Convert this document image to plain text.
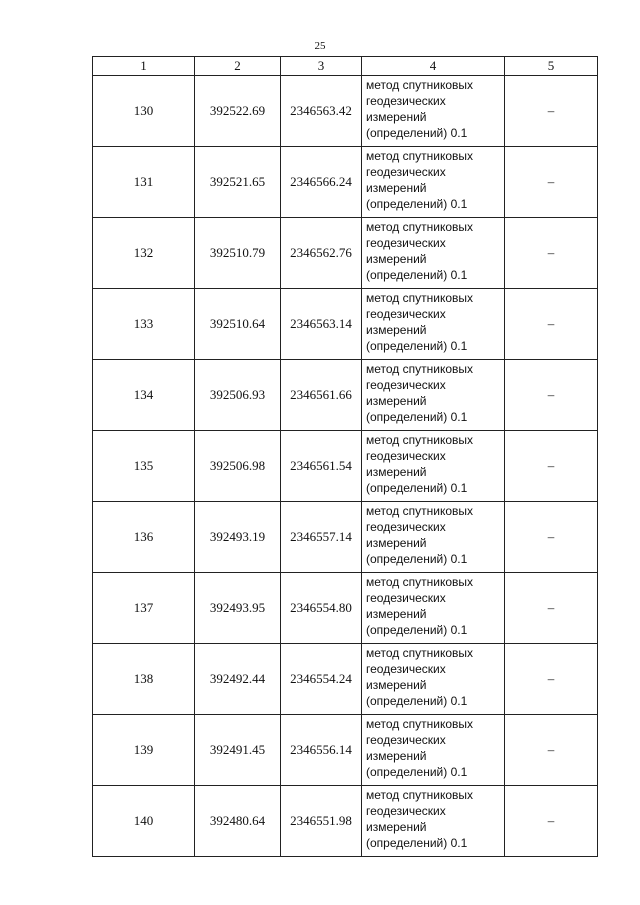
25
1	2	3	4	5
130	392522.69	2346563.42	метод спутниковых
геодезических
измерений
(определений) 0.1	–
131	392521.65	2346566.24	метод спутниковых
геодезических
измерений
(определений) 0.1	–
132	392510.79	2346562.76	метод спутниковых
геодезических
измерений
(определений) 0.1	–
133	392510.64	2346563.14	метод спутниковых
геодезических
измерений
(определений) 0.1	–
134	392506.93	2346561.66	метод спутниковых
геодезических
измерений
(определений) 0.1	–
135	392506.98	2346561.54	метод спутниковых
геодезических
измерений
(определений) 0.1	–
136	392493.19	2346557.14	метод спутниковых
геодезических
измерений
(определений) 0.1	–
137	392493.95	2346554.80	метод спутниковых
геодезических
измерений
(определений) 0.1	–
138	392492.44	2346554.24	метод спутниковых
геодезических
измерений
(определений) 0.1	–
139	392491.45	2346556.14	метод спутниковых
геодезических
измерений
(определений) 0.1	–
140	392480.64	2346551.98	метод спутниковых
геодезических
измерений
(определений) 0.1	–
